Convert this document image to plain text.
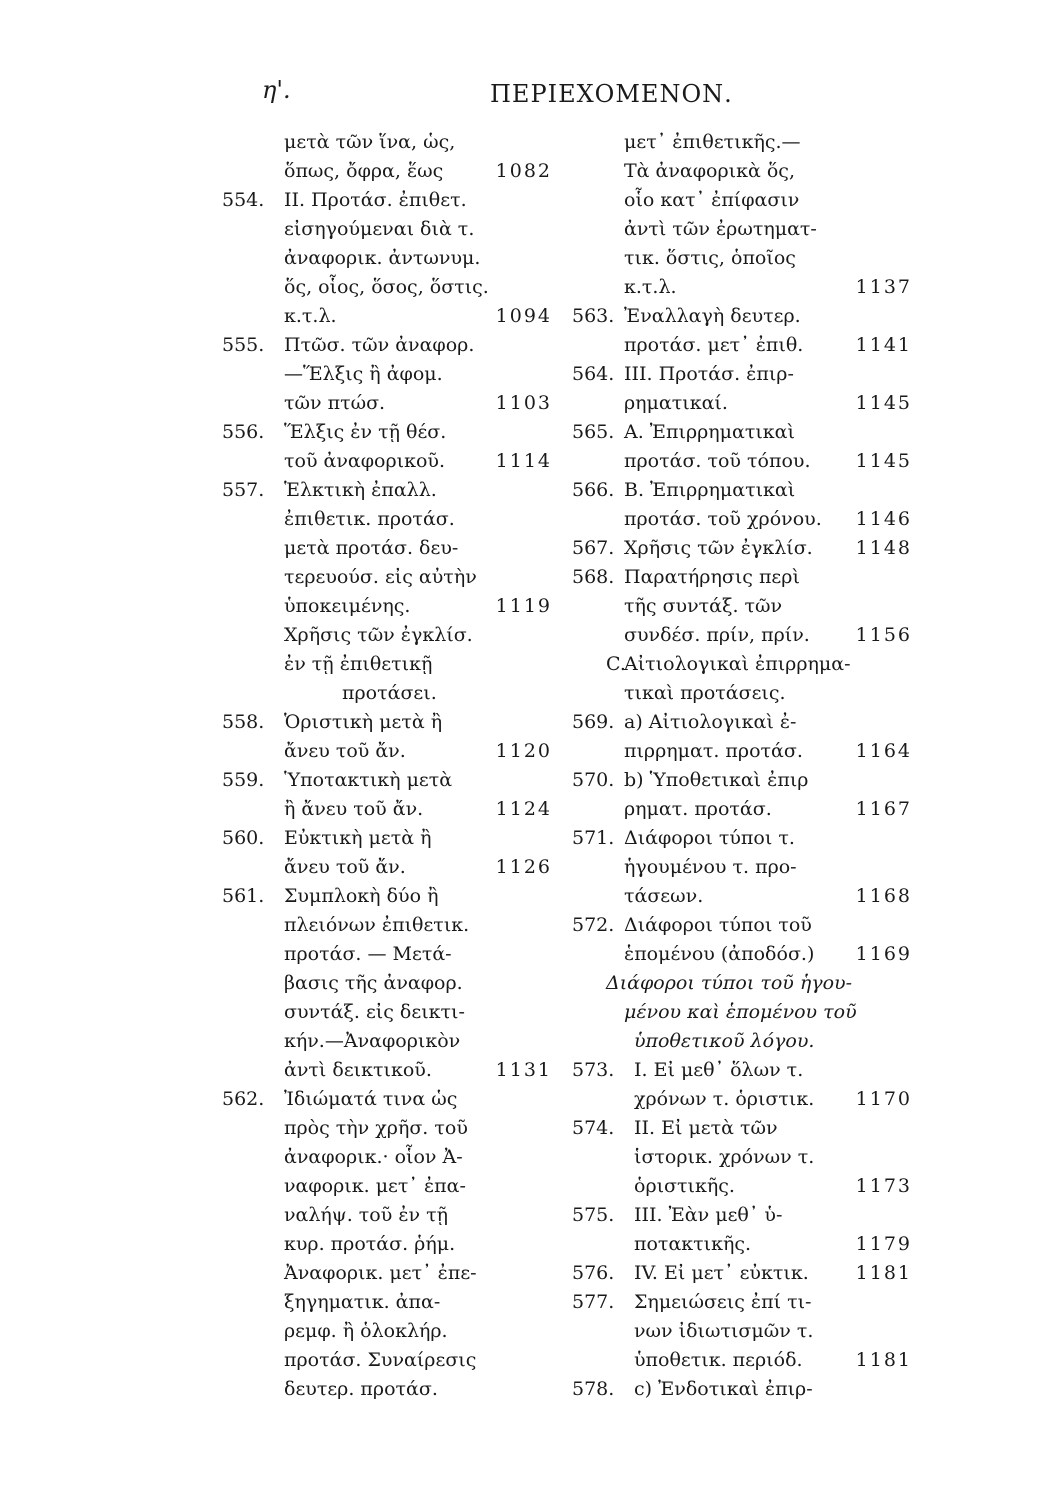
η'.	ΠΕΡΙΕΧΟΜΕΝΟΝ.
μετὰ τῶν ἵνα, ὡς,
ὅπως, ὄφρα, ἕως	1082
554. II. Προτάσ. ἐπιθετ.
εἰσηγούμεναι διὰ τ.
ἀναφορικ. ἀντωνυμ.
ὅς, οἷος, ὅσος, ὅστις.
κ.τ.λ.	1094
555. Πτῶσ. τῶν ἀναφορ.
—Ἕλξις ἢ ἀφομ.
τῶν πτώσ.	1103
556. Ἕλξις ἐν τῇ θέσ.
τοῦ ἀναφορικοῦ.	1114
557. Ἑλκτικὴ ἐπαλλ.
ἐπιθετικ. προτάσ.
μετὰ προτάσ. δευ-
τερευούσ. εἰς αὐτὴν
ὑποκειμένης.	1119
Χρῆσις τῶν ἐγκλίσ.
ἐν τῇ ἐπιθετικῇ
προτάσει.
558. Ὁριστικὴ μετὰ ἢ
ἄνευ τοῦ ἄν.	1120
559. Ὑποτακτικὴ μετὰ
ἢ ἄνευ τοῦ ἄν.	1124
560. Εὐκτικὴ μετὰ ἢ
ἄνευ τοῦ ἄν.	1126
561. Συμπλοκὴ δύο ἢ
πλειόνων ἐπιθετικ.
προτάσ. — Μετά-
βασις τῆς ἀναφορ.
συντάξ. εἰς δεικτι-
κήν.—Ἀναφορικὸν
ἀντὶ δεικτικοῦ.	1131
562. Ἰδιώματά τινα ὡς
πρὸς τὴν χρῆσ. τοῦ
ἀναφορικ.· οἷον Ἀ-
ναφορικ. μετ᾽ ἐπα-
ναλήψ. τοῦ ἐν τῇ
κυρ. προτάσ. ῥήμ.
Ἀναφορικ. μετ᾽ ἐπε-
ξηγηματικ. ἀπα-
ρεμφ. ἢ ὁλοκλήρ.
προτάσ. Συναίρεσις
δευτερ. προτάσ.
μετ᾽ ἐπιθετικῆς.—
Τὰ ἀναφορικὰ ὅς,
οἷο κατ᾽ ἐπίφασιν
ἀντὶ τῶν ἐρωτηματ-
τικ. ὅστις, ὁποῖος
κ.τ.λ.	1137
563. Ἐναλλαγὴ δευτερ.
προτάσ. μετ᾽ ἐπιθ.	1141
564. III. Προτάσ. ἐπιρ-
ρηματικαί.	1145
565. A. Ἐπιρρηματικαὶ
προτάσ. τοῦ τόπου. 1145
566. B. Ἐπιρρηματικαὶ
προτάσ. τοῦ χρόνου. 1146
567. Χρῆσις τῶν ἐγκλίσ. 1148
568. Παρατήρησις περὶ
τῆς συντάξ. τῶν
συνδέσ. πρίν, πρίν. 1156
C.
Αἰτιολογικαὶ ἐπιρρημα-
τικαὶ προτάσεις.
569. a) Αἰτιολογικαὶ ἐ-
πιρρηματ. προτάσ.	1164
570. b) Ὑποθετικαὶ ἐπιρ
ρηματ. προτάσ.	1167
571. Διάφοροι τύποι τ.
ἡγουμένου τ. προ-
τάσεων.	1168
572. Διάφοροι τύποι τοῦ
ἑπομένου (ἀποδόσ.) 1169
Διάφοροι τύποι τοῦ ἡγου-
μένου καὶ ἑπομένου τοῦ
ὑποθετικοῦ λόγου.
573. I. Εἰ μεθ᾽ ὅλων τ.
χρόνων τ. ὁριστικ. 1170
574. II. Εἰ μετὰ τῶν
ἱστορικ. χρόνων τ.
ὁριστικῆς.	1173
575. III. Ἐὰν μεθ᾽ ὑ-
ποτακτικῆς.	1179
576. IV. Εἰ μετ᾽ εὐκτικ. 1181
577. Σημειώσεις ἐπί τι-
νων ἰδιωτισμῶν τ.
ὑποθετικ. περιόδ.	1181
578. c) Ἐνδοτικαὶ ἐπιρ-
